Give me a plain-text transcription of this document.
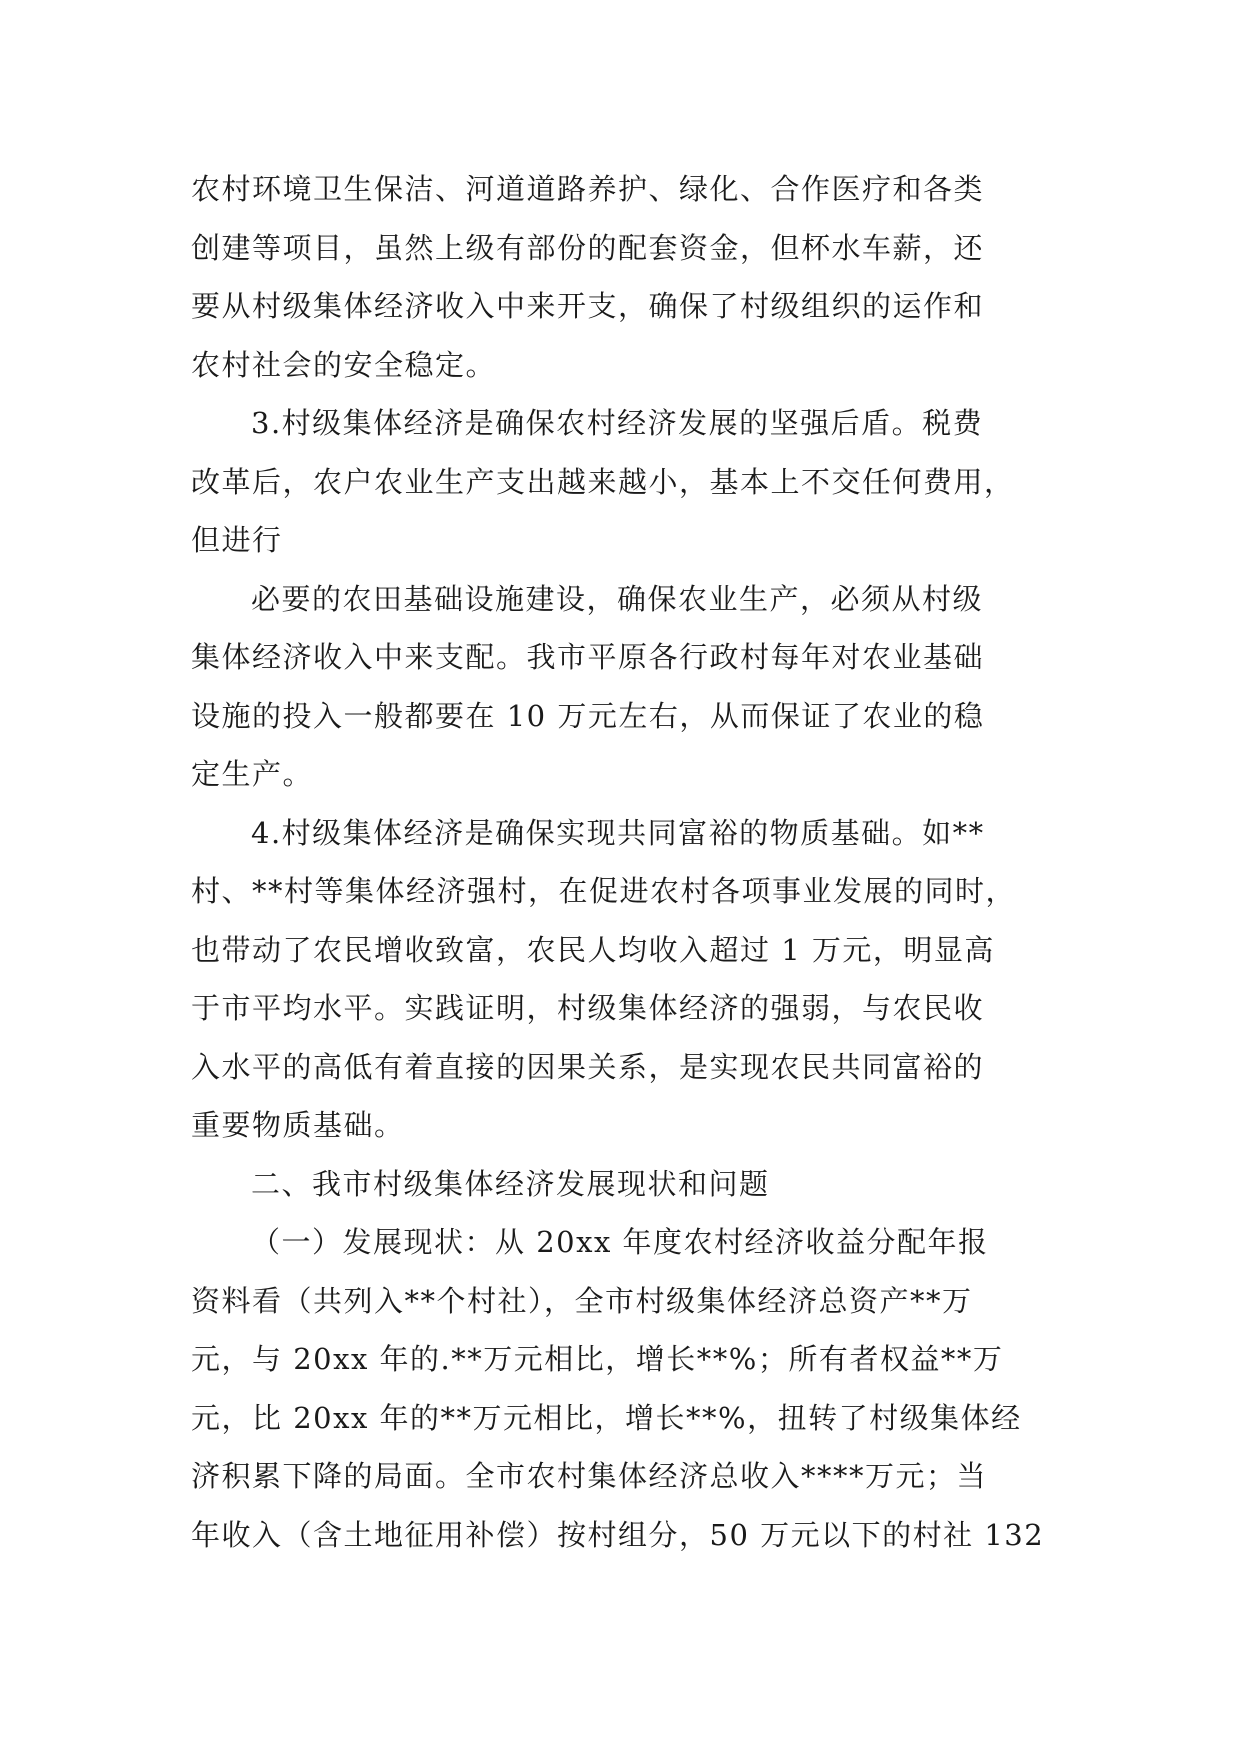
农村环境卫生保洁、河道道路养护、绿化、合作医疗和各类
创建等项目，虽然上级有部份的配套资金，但杯水车薪，还
要从村级集体经济收入中来开支，确保了村级组织的运作和
农村社会的安全稳定。
3.村级集体经济是确保农村经济发展的坚强后盾。税费
改革后，农户农业生产支出越来越小，基本上不交任何费用，
但进行
必要的农田基础设施建设，确保农业生产，必须从村级
集体经济收入中来支配。我市平原各行政村每年对农业基础
设施的投入一般都要在 10 万元左右，从而保证了农业的稳
定生产。
4.村级集体经济是确保实现共同富裕的物质基础。如**
村、**村等集体经济强村，在促进农村各项事业发展的同时，
也带动了农民增收致富，农民人均收入超过 1 万元，明显高
于市平均水平。实践证明，村级集体经济的强弱，与农民收
入水平的高低有着直接的因果关系，是实现农民共同富裕的
重要物质基础。
二、我市村级集体经济发展现状和问题
（一）发展现状：从 20xx 年度农村经济收益分配年报
资料看（共列入**个村社），全市村级集体经济总资产**万
元，与 20xx 年的.**万元相比，增长**%；所有者权益**万
元，比 20xx 年的**万元相比，增长**%，扭转了村级集体经
济积累下降的局面。全市农村集体经济总收入****万元；当
年收入（含土地征用补偿）按村组分，50 万元以下的村社 132
